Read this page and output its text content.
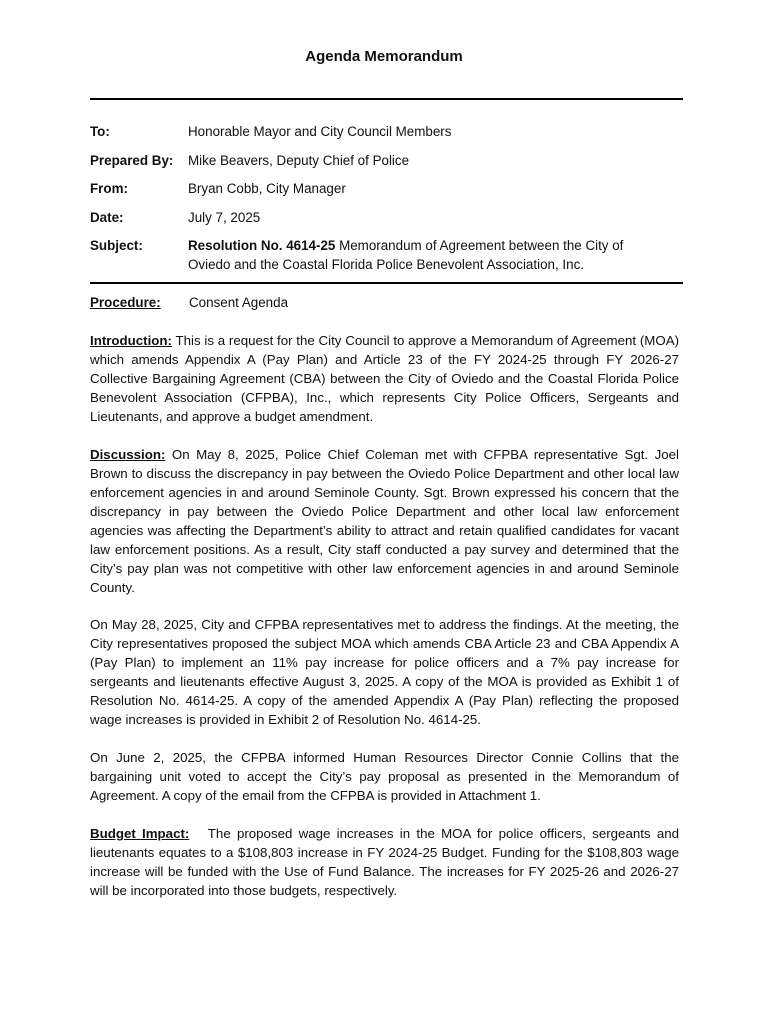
Agenda Memorandum
To:	Honorable Mayor and City Council Members
Prepared By: Mike Beavers, Deputy Chief of Police
From:	Bryan Cobb, City Manager
Date:	July 7, 2025
Subject:	Resolution No. 4614-25 Memorandum of Agreement between the City of Oviedo and the Coastal Florida Police Benevolent Association, Inc.
Procedure: Consent Agenda
Introduction: This is a request for the City Council to approve a Memorandum of Agreement (MOA) which amends Appendix A (Pay Plan) and Article 23 of the FY 2024-25 through FY 2026-27 Collective Bargaining Agreement (CBA) between the City of Oviedo and the Coastal Florida Police Benevolent Association (CFPBA), Inc., which represents City Police Officers, Sergeants and Lieutenants, and approve a budget amendment.
Discussion: On May 8, 2025, Police Chief Coleman met with CFPBA representative Sgt. Joel Brown to discuss the discrepancy in pay between the Oviedo Police Department and other local law enforcement agencies in and around Seminole County. Sgt. Brown expressed his concern that the discrepancy in pay between the Oviedo Police Department and other local law enforcement agencies was affecting the Department’s ability to attract and retain qualified candidates for vacant law enforcement positions. As a result, City staff conducted a pay survey and determined that the City’s pay plan was not competitive with other law enforcement agencies in and around Seminole County.
On May 28, 2025, City and CFPBA representatives met to address the findings. At the meeting, the City representatives proposed the subject MOA which amends CBA Article 23 and CBA Appendix A (Pay Plan) to implement an 11% pay increase for police officers and a 7% pay increase for sergeants and lieutenants effective August 3, 2025. A copy of the MOA is provided as Exhibit 1 of Resolution No. 4614-25. A copy of the amended Appendix A (Pay Plan) reflecting the proposed wage increases is provided in Exhibit 2 of Resolution No. 4614-25.
On June 2, 2025, the CFPBA informed Human Resources Director Connie Collins that the bargaining unit voted to accept the City’s pay proposal as presented in the Memorandum of Agreement. A copy of the email from the CFPBA is provided in Attachment 1.
Budget Impact:   The proposed wage increases in the MOA for police officers, sergeants and lieutenants equates to a $108,803 increase in FY 2024-25 Budget. Funding for the $108,803 wage increase will be funded with the Use of Fund Balance. The increases for FY 2025-26 and 2026-27 will be incorporated into those budgets, respectively.
